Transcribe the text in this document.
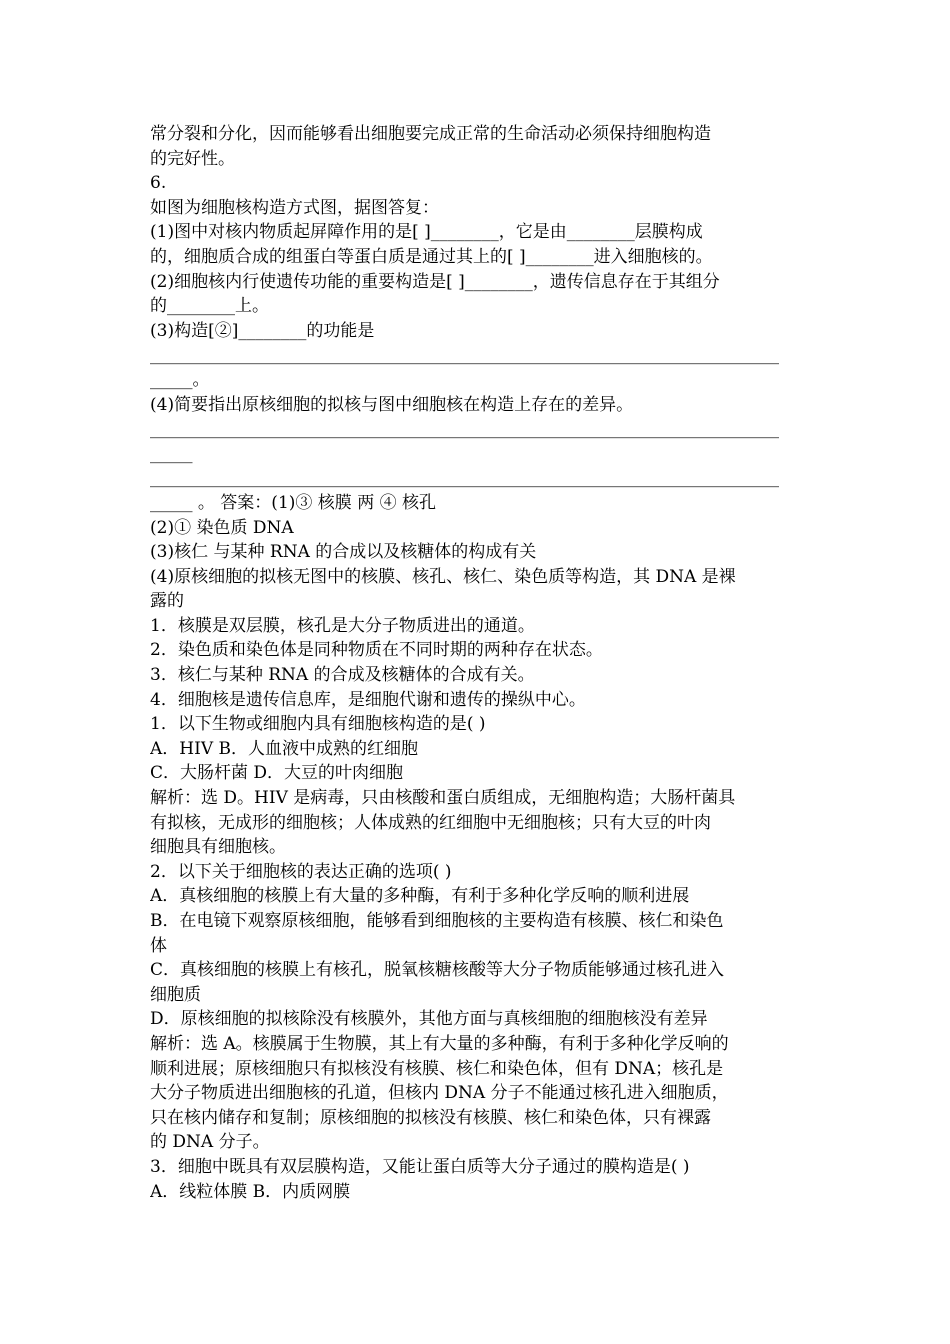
常分裂和分化，因而能够看出细胞要完成正常的生命活动必须保持细胞构造
的完好性。
6.
如图为细胞核构造方式图，据图答复：
(1)图中对核内物质起屏障作用的是[ ]________，它是由________层膜构成
的，细胞质合成的组蛋白等蛋白质是通过其上的[ ]________进入细胞核的。
(2)细胞核内行使遗传功能的重要构造是[ ]________，遗传信息存在于其组分
的________上。
(3)构造[②]________的功能是
__________________________________________________________________________
_____。
(4)简要指出原核细胞的拟核与图中细胞核在构造上存在的差异。
__________________________________________________________________________
_____
__________________________________________________________________________
_____ 。 答案：(1)③ 核膜 两 ④ 核孔
(2)① 染色质 DNA
(3)核仁 与某种 RNA 的合成以及核糖体的构成有关
(4)原核细胞的拟核无图中的核膜、核孔、核仁、染色质等构造，其 DNA 是裸
露的
1．核膜是双层膜，核孔是大分子物质进出的通道。
2．染色质和染色体是同种物质在不同时期的两种存在状态。
3．核仁与某种 RNA 的合成及核糖体的合成有关。
4．细胞核是遗传信息库，是细胞代谢和遗传的操纵中心。
1．以下生物或细胞内具有细胞核构造的是( )
A．HIV B．人血液中成熟的红细胞
C．大肠杆菌 D．大豆的叶肉细胞
解析：选 D。HIV 是病毒，只由核酸和蛋白质组成，无细胞构造；大肠杆菌具
有拟核，无成形的细胞核；人体成熟的红细胞中无细胞核；只有大豆的叶肉
细胞具有细胞核。
2．以下关于细胞核的表达正确的选项( )
A．真核细胞的核膜上有大量的多种酶，有利于多种化学反响的顺利进展
B．在电镜下观察原核细胞，能够看到细胞核的主要构造有核膜、核仁和染色
体
C．真核细胞的核膜上有核孔，脱氧核糖核酸等大分子物质能够通过核孔进入
细胞质
D．原核细胞的拟核除没有核膜外，其他方面与真核细胞的细胞核没有差异
解析：选 A。核膜属于生物膜，其上有大量的多种酶，有利于多种化学反响的
顺利进展；原核细胞只有拟核没有核膜、核仁和染色体，但有 DNA；核孔是
大分子物质进出细胞核的孔道，但核内 DNA 分子不能通过核孔进入细胞质，
只在核内储存和复制；原核细胞的拟核没有核膜、核仁和染色体，只有裸露
的 DNA 分子。
3．细胞中既具有双层膜构造，又能让蛋白质等大分子通过的膜构造是( )
A．线粒体膜 B．内质网膜
